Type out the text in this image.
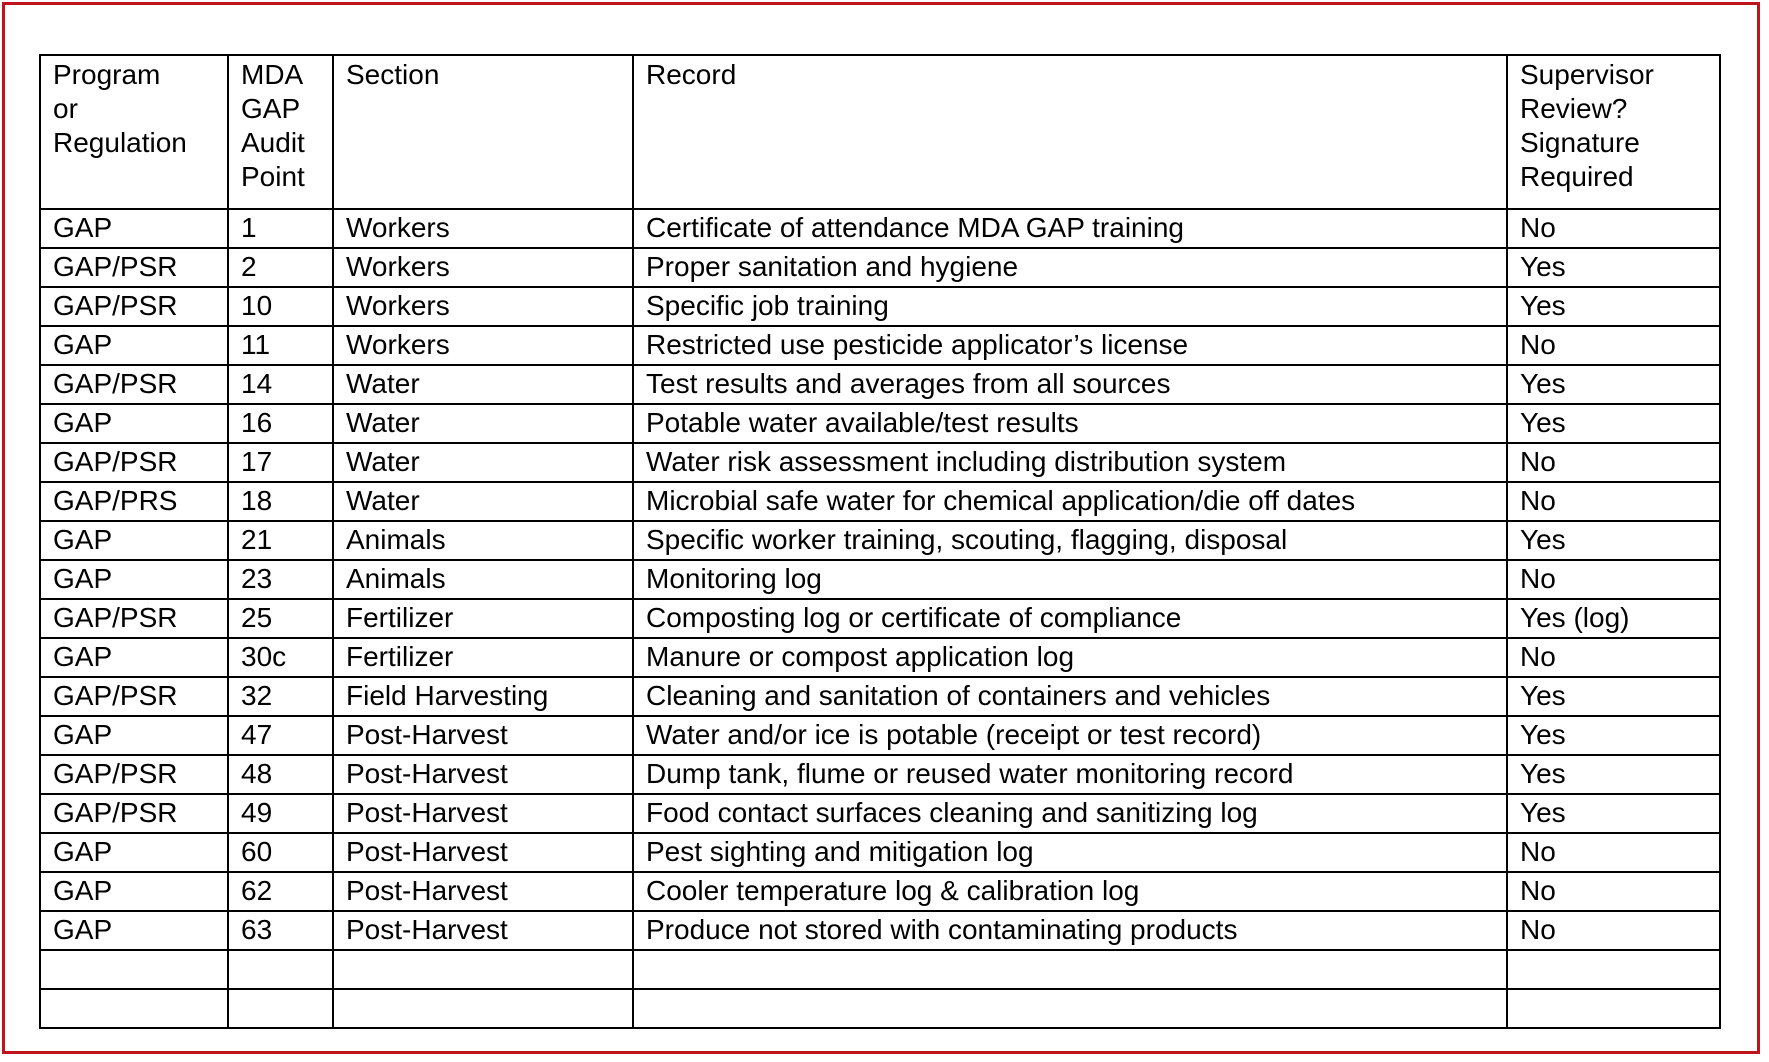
Program
or
Regulation	MDA
GAP
Audit
Point	Section	Record	Supervisor
Review?
Signature
Required
GAP	1	Workers	Certificate of attendance MDA GAP training	No
GAP/PSR	2	Workers	Proper sanitation and hygiene	Yes
GAP/PSR	10	Workers	Specific job training	Yes
GAP	11	Workers	Restricted use pesticide applicator’s license	No
GAP/PSR	14	Water	Test results and averages from all sources	Yes
GAP	16	Water	Potable water available/test results	Yes
GAP/PSR	17	Water	Water risk assessment including distribution system	No
GAP/PRS	18	Water	Microbial safe water for chemical application/die off dates	No
GAP	21	Animals	Specific worker training, scouting, flagging, disposal	Yes
GAP	23	Animals	Monitoring log	No
GAP/PSR	25	Fertilizer	Composting log or certificate of compliance	Yes (log)
GAP	30c	Fertilizer	Manure or compost application log	No
GAP/PSR	32	Field Harvesting	Cleaning and sanitation of containers and vehicles	Yes
GAP	47	Post-Harvest	Water and/or ice is potable (receipt or test record)	Yes
GAP/PSR	48	Post-Harvest	Dump tank, flume or reused water monitoring record	Yes
GAP/PSR	49	Post-Harvest	Food contact surfaces cleaning and sanitizing log	Yes
GAP	60	Post-Harvest	Pest sighting and mitigation log	No
GAP	62	Post-Harvest	Cooler temperature log & calibration log	No
GAP	63	Post-Harvest	Produce not stored with contaminating products	No
